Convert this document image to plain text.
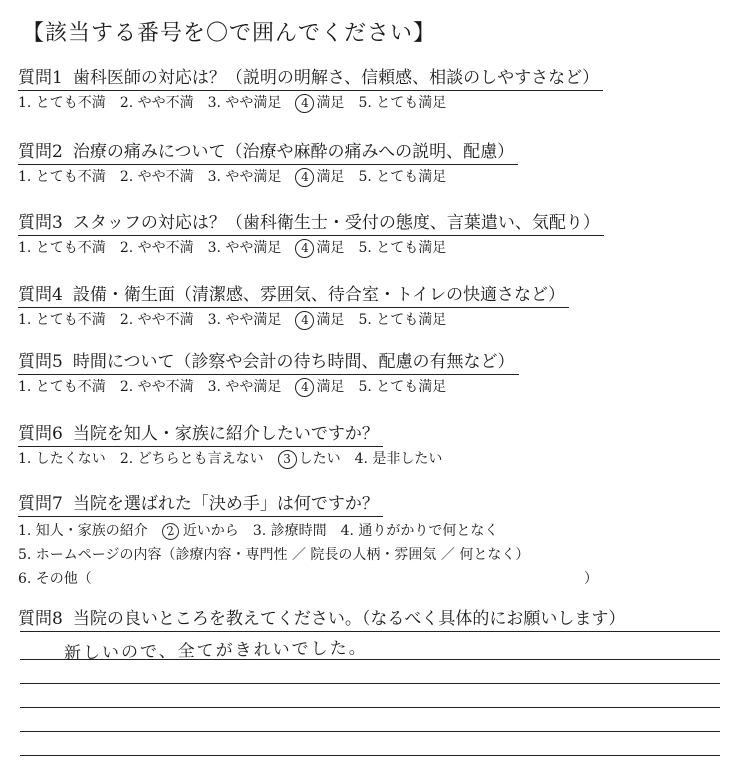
【該当する番号を〇で囲んでください】
質問1 歯科医師の対応は？（説明の明解さ、信頼感、相談のしやすさなど）
1. とても不満 2. やや不満 3. やや満足 4 満足 5. とても満足
質問2 治療の痛みについて（治療や麻酔の痛みへの説明、配慮）
1. とても不満 2. やや不満 3. やや満足 4 満足 5. とても満足
質問3 スタッフの対応は？（歯科衛生士・受付の態度、言葉遣い、気配り）
1. とても不満 2. やや不満 3. やや満足 4 満足 5. とても満足
質問4 設備・衛生面（清潔感、雰囲気、待合室・トイレの快適さなど）
1. とても不満 2. やや不満 3. やや満足 4 満足 5. とても満足
質問5 時間について（診察や会計の待ち時間、配慮の有無など）
1. とても不満 2. やや不満 3. やや満足 4 満足 5. とても満足
質問6 当院を知人・家族に紹介したいですか？
1. したくない 2. どちらとも言えない 3 したい 4. 是非したい
質問7 当院を選ばれた「決め手」は何ですか？
1. 知人・家族の紹介 2 近いから 3. 診療時間 4. 通りがかりで何となく
5. ホームページの内容（診療内容・専門性 ／ 院長の人柄・雰囲気 ／ 何となく）
6. その他（	）
質問8 当院の良いところを教えてください。（なるべく具体的にお願いします）
新しいので、全てがきれいでした。
